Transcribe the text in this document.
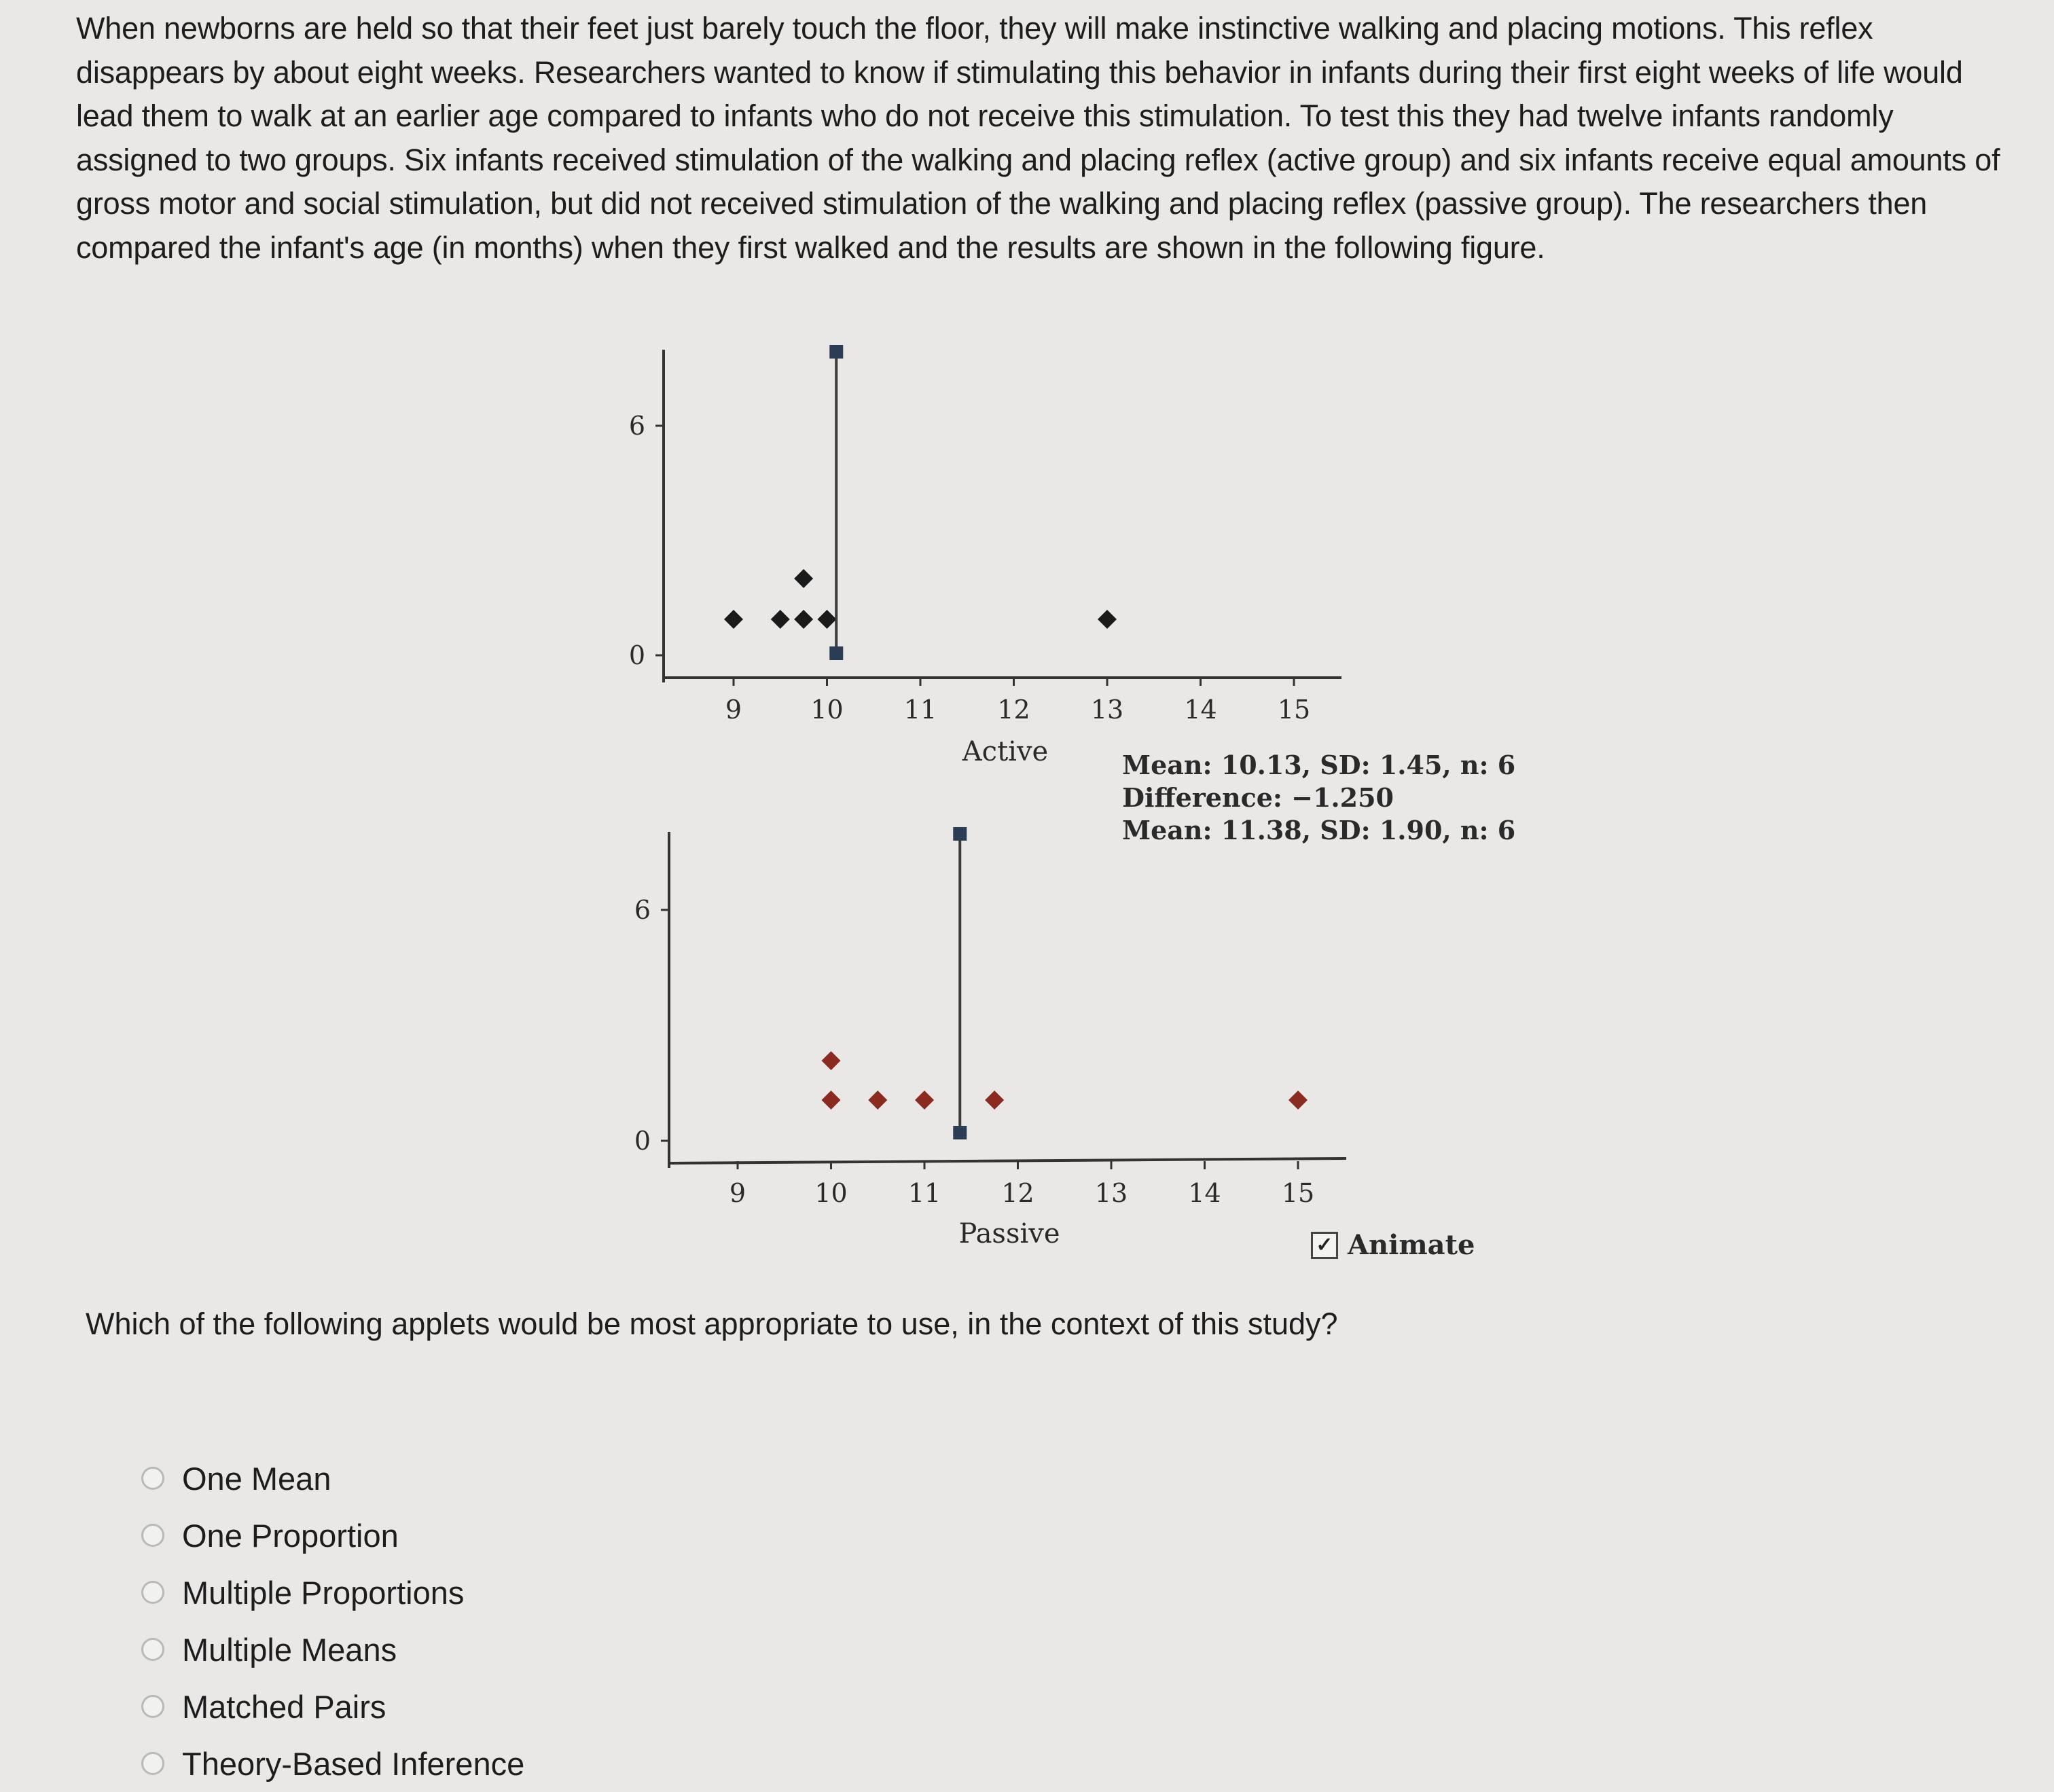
When newborns are held so that their feet just barely touch the floor, they will make instinctive walking and placing motions. This reflex disappears by about eight weeks. Researchers wanted to know if stimulating this behavior in infants during their first eight weeks of life would lead them to walk at an earlier age compared to infants who do not receive this stimulation. To test this they had twelve infants randomly assigned to two groups. Six infants received stimulation of the walking and placing reflex (active group) and six infants receive equal amounts of gross motor and social stimulation, but did not received stimulation of the walking and placing reflex (passive group). The researchers then compared the infant's age (in months) when they first walked and the results are shown in the following figure.
6
0
9	10 11 12 13 14 15
Active	Mean: 10.13, SD: 1.45, n: 6
Difference: −1.250
Mean: 11.38, SD: 1.90, n: 6
6
0
9	10 11 12 13 14 15
Passive	✓ Animate
Which of the following applets would be most appropriate to use, in the context of this study?
One Mean
One Proportion
Multiple Proportions
Multiple Means
Matched Pairs
Theory-Based Inference
